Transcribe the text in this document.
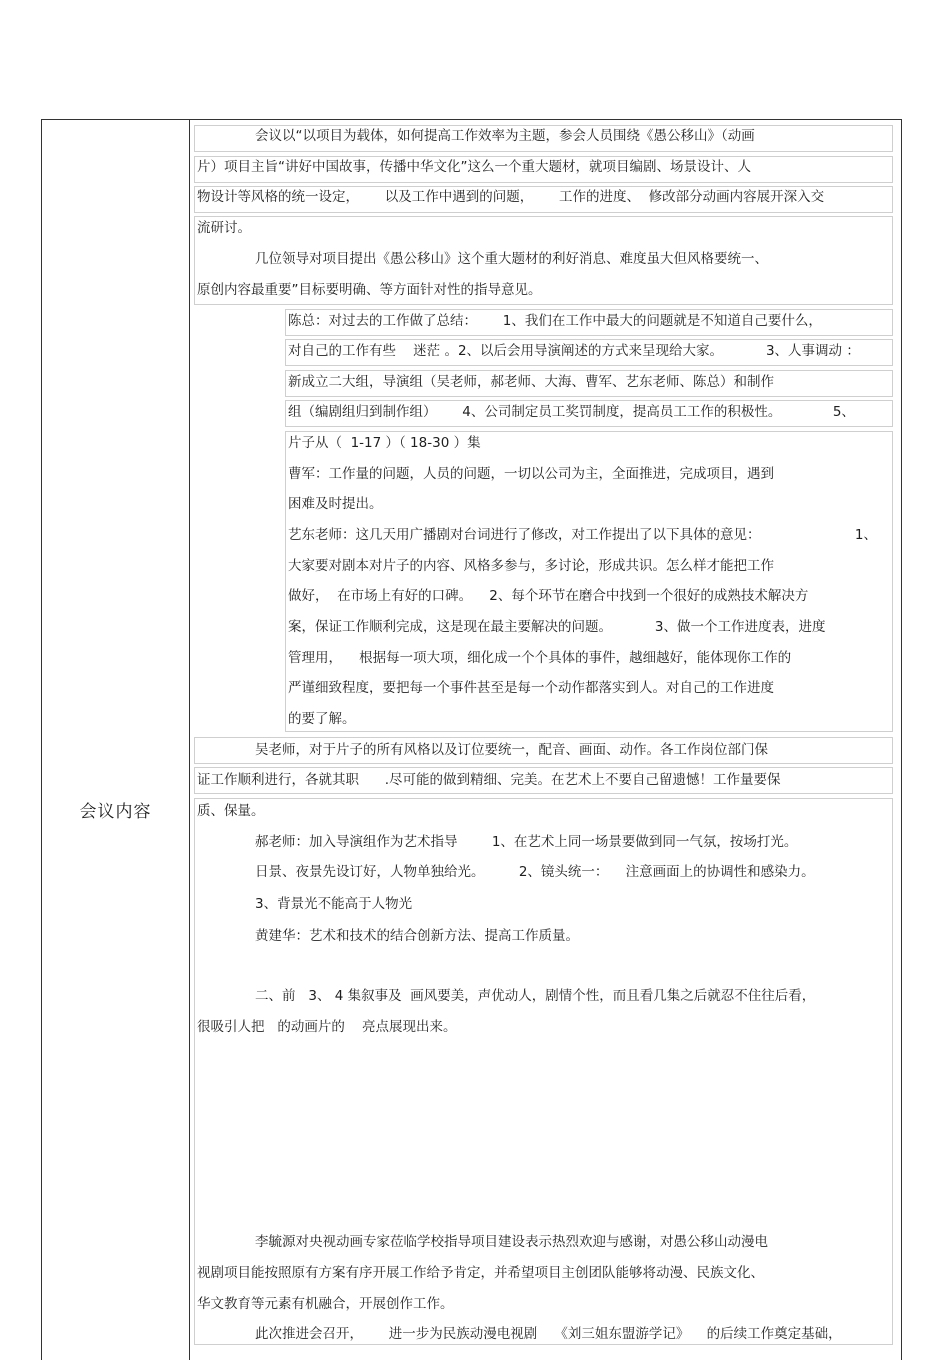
会议内容
会议以“以项目为载体，如何提高工作效率为主题，参会人员围绕《愚公移山》（动画
片）项目主旨“讲好中国故事，传播中华文化”这么一个重大题材，就项目编剧、场景设计、人
物设计等风格的统一设定，      以及工作中遇到的问题，      工作的进度、  修改部分动画内容展开深入交
流研讨。
几位领导对项目提出《愚公移山》这个重大题材的利好消息、难度虽大但风格要统一、
原创内容最重要”目标要明确、等方面针对性的指导意见。
陈总：对过去的工作做了总结：      1、我们在工作中最大的问题就是不知道自己要什么，
对自己的工作有些    迷茫 。2、以后会用导演阐述的方式来呈现给大家。          3、人事调动 ：
新成立二大组，导演组（吴老师，郝老师、大海、曹军、艺东老师、陈总）和制作
组（编剧组归到制作组）      4、公司制定员工奖罚制度，提高员工工作的积极性。            5、
片子从（  1-17 ）（ 18-30 ）集
曹军：工作量的问题，人员的问题，一切以公司为主，全面推进，完成项目，遇到
困难及时提出。
艺东老师：这几天用广播剧对台词进行了修改，对工作提出了以下具体的意见：                      1、
大家要对剧本对片子的内容、风格多参与，多讨论，形成共识。怎么样才能把工作
做好，  在市场上有好的口碑。    2、每个环节在磨合中找到一个很好的成熟技术解决方
案，保证工作顺利完成，这是现在最主要解决的问题。          3、做一个工作进度表，进度
管理用，    根据每一项大项，细化成一个个具体的事件，越细越好，能体现你工作的
严谨细致程度，要把每一个事件甚至是每一个动作都落实到人。对自己的工作进度
的要了解。
吴老师，对于片子的所有风格以及订位要统一，配音、画面、动作。各工作岗位部门保
证工作顺利进行，各就其职      .尽可能的做到精细、完美。在艺术上不要自己留遗憾！工作量要保
质、保量。
郝老师：加入导演组作为艺术指导        1、在艺术上同一场景要做到同一气氛，按场打光。
日景、夜景先设订好，人物单独给光。        2、镜头统一：    注意画面上的协调性和感染力。
3、背景光不能高于人物光
黄建华：艺术和技术的结合创新方法、提高工作质量。
二、前   3、 4 集叙事及  画风要美，声优动人，剧情个性，而且看几集之后就忍不住往后看，
很吸引人把   的动画片的    亮点展现出来。
李毓源对央视动画专家莅临学校指导项目建设表示热烈欢迎与感谢，对愚公移山动漫电
视剧项目能按照原有方案有序开展工作给予肯定，并希望项目主创团队能够将动漫、民族文化、
华文教育等元素有机融合，开展创作工作。
此次推进会召开，      进一步为民族动漫电视剧    《刘三姐东盟游学记》    的后续工作奠定基础，
